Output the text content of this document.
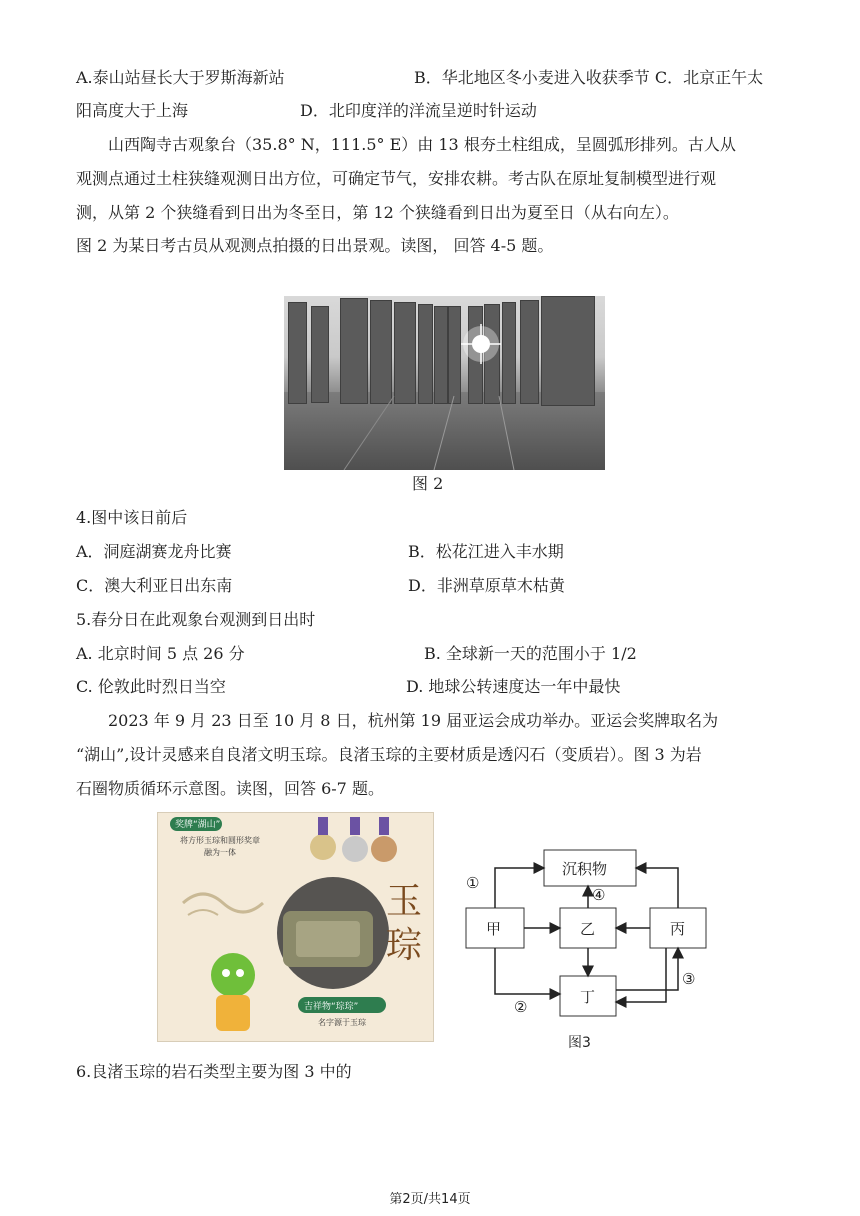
A.泰山站昼长大于罗斯海新站	B．华北地区冬小麦进入收获季节 C．北京正午太
阳高度大于上海	D．北印度洋的洋流呈逆时针运动
山西陶寺古观象台（35.8° N，111.5° E）由 13 根夯土柱组成，呈圆弧形排列。古人从
观测点通过土柱狭缝观测日出方位，可确定节气，安排农耕。考古队在原址复制模型进行观
测，从第 2 个狭缝看到日出为冬至日，第 12 个狭缝看到日出为夏至日（从右向左）。
图 2 为某日考古员从观测点拍摄的日出景观。读图， 回答 4-5 题。
图 2
4.图中该日前后
A．洞庭湖赛龙舟比赛	B．松花江进入丰水期
C．澳大利亚日出东南	D．非洲草原草木枯黄
5.春分日在此观象台观测到日出时
A. 北京时间 5 点 26 分	B. 全球新一天的范围小于 1/2
C. 伦敦此时烈日当空	D. 地球公转速度达一年中最快
2023 年 9 月 23 日至 10 月 8 日，杭州第 19 届亚运会成功举办。亚运会奖牌取名为
“湖山”,设计灵感来自良渚文明玉琮。良渚玉琮的主要材质是透闪石（变质岩）。图 3 为岩
石圈物质循环示意图。读图，回答 6-7 题。
奖牌“湖山”
将方形玉琮和圆形奖章
融为一体
玉
琮
吉祥物“琮琮”
名字源于玉琮
沉积物
甲	乙	丙
丁
①
②
③
④
图3
6.良渚玉琮的岩石类型主要为图 3 中的
第2页/共14页
